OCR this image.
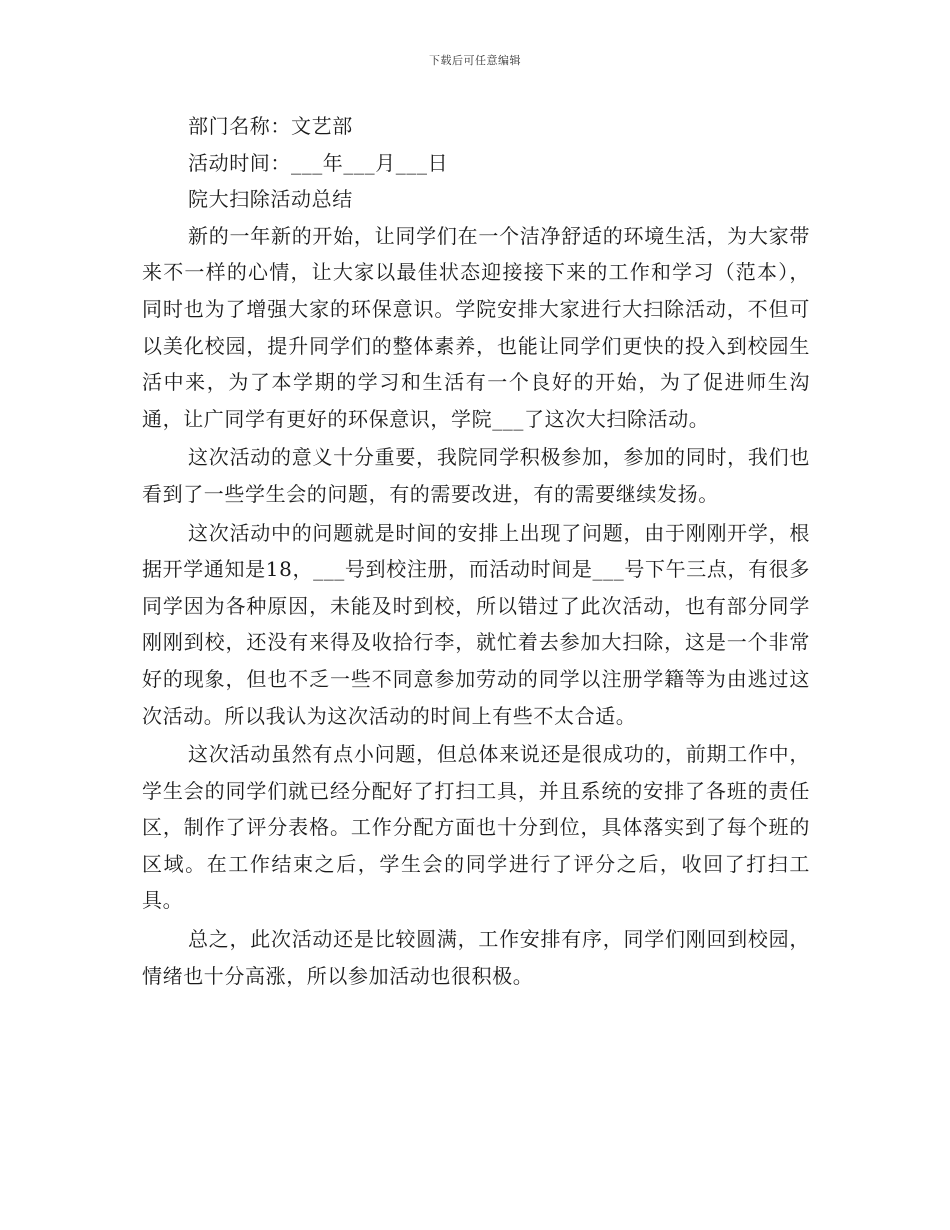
下载后可任意编辑

部门名称：文艺部

活动时间：___年___月___日

院大扫除活动总结

新的一年新的开始，让同学们在一个洁净舒适的环境生活，为大家带来不一样的心情，让大家以最佳状态迎接接下来的工作和学习（范本），同时也为了增强大家的环保意识。学院安排大家进行大扫除活动，不但可以美化校园，提升同学们的整体素养，也能让同学们更快的投入到校园生活中来，为了本学期的学习和生活有一个良好的开始，为了促进师生沟通，让广同学有更好的环保意识，学院___了这次大扫除活动。

这次活动的意义十分重要，我院同学积极参加，参加的同时，我们也看到了一些学生会的问题，有的需要改进，有的需要继续发扬。

这次活动中的问题就是时间的安排上出现了问题，由于刚刚开学，根据开学通知是18，___号到校注册，而活动时间是___号下午三点，有很多同学因为各种原因，未能及时到校，所以错过了此次活动，也有部分同学刚刚到校，还没有来得及收拾行李，就忙着去参加大扫除，这是一个非常好的现象，但也不乏一些不同意参加劳动的同学以注册学籍等为由逃过这次活动。所以我认为这次活动的时间上有些不太合适。

这次活动虽然有点小问题，但总体来说还是很成功的，前期工作中，学生会的同学们就已经分配好了打扫工具，并且系统的安排了各班的责任区，制作了评分表格。工作分配方面也十分到位，具体落实到了每个班的区域。在工作结束之后，学生会的同学进行了评分之后，收回了打扫工具。

总之，此次活动还是比较圆满，工作安排有序，同学们刚回到校园，情绪也十分高涨，所以参加活动也很积极。
